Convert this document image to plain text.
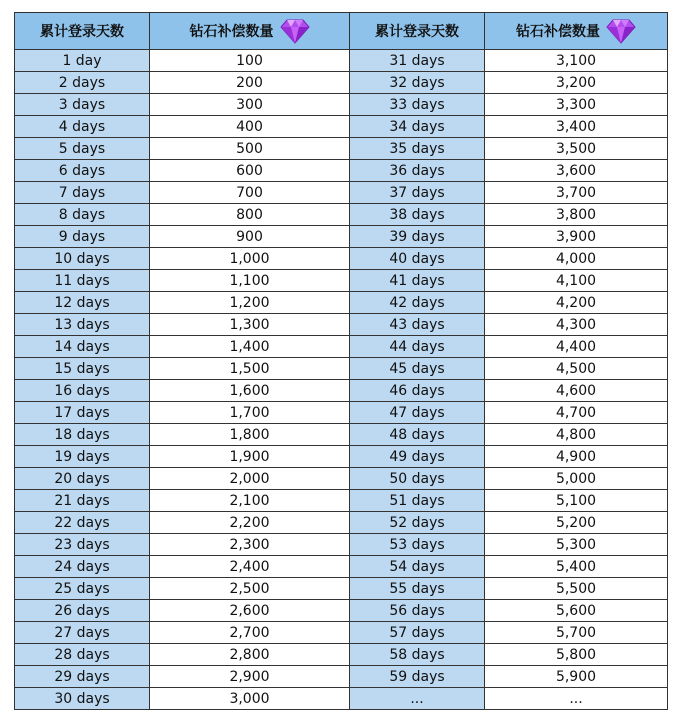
累计登录天数	钻石补偿数量	累计登录天数	钻石补偿数量

1 day	100	31 days	3,100
2 days	200	32 days	3,200
3 days	300	33 days	3,300
4 days	400	34 days	3,400
5 days	500	35 days	3,500
6 days	600	36 days	3,600
7 days	700	37 days	3,700
8 days	800	38 days	3,800
9 days	900	39 days	3,900
10 days	1,000	40 days	4,000
11 days	1,100	41 days	4,100
12 days	1,200	42 days	4,200
13 days	1,300	43 days	4,300
14 days	1,400	44 days	4,400
15 days	1,500	45 days	4,500
16 days	1,600	46 days	4,600
17 days	1,700	47 days	4,700
18 days	1,800	48 days	4,800
19 days	1,900	49 days	4,900
20 days	2,000	50 days	5,000
21 days	2,100	51 days	5,100
22 days	2,200	52 days	5,200
23 days	2,300	53 days	5,300
24 days	2,400	54 days	5,400
25 days	2,500	55 days	5,500
26 days	2,600	56 days	5,600
27 days	2,700	57 days	5,700
28 days	2,800	58 days	5,800
29 days	2,900	59 days	5,900
30 days	3,000	...	...
